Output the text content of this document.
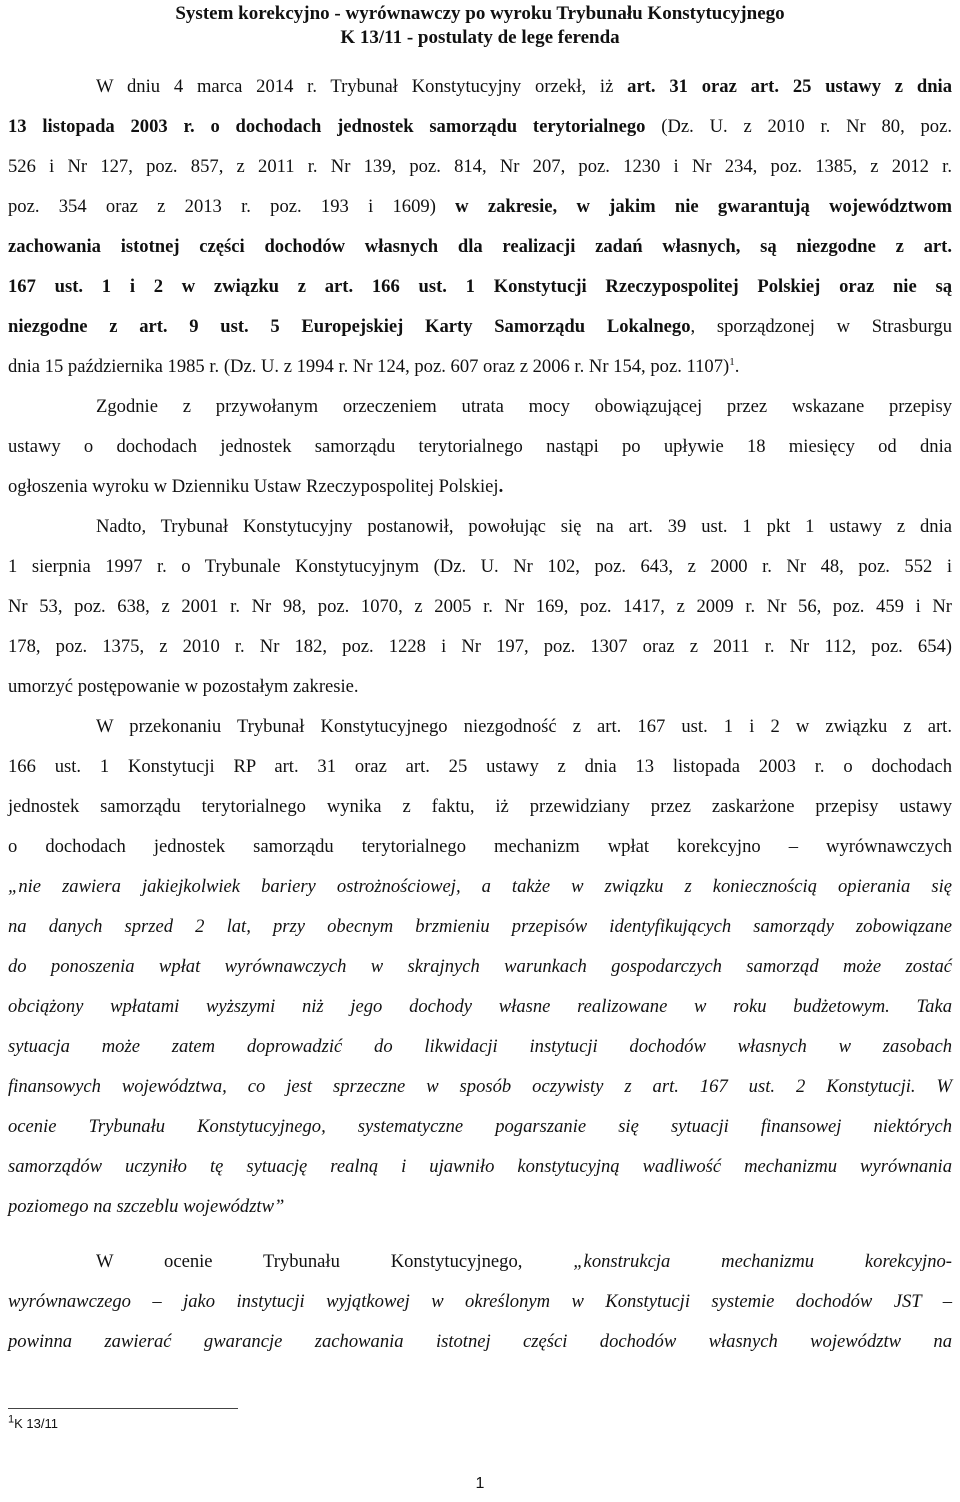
System korekcyjno - wyrównawczy po wyroku Trybunału Konstytucyjnego
K 13/11 - postulaty de lege ferenda
W dniu 4 marca 2014 r. Trybunał Konstytucyjny orzekł, iż art. 31 oraz art. 25 ustawy z dnia
13 listopada 2003 r. o dochodach jednostek samorządu terytorialnego (Dz. U. z 2010 r. Nr 80, poz.
526 i Nr 127, poz. 857, z 2011 r. Nr 139, poz. 814, Nr 207, poz. 1230 i Nr 234, poz. 1385, z 2012 r.
poz. 354 oraz z 2013 r. poz. 193 i 1609) w zakresie, w jakim nie gwarantują województwom
zachowania istotnej części dochodów własnych dla realizacji zadań własnych, są niezgodne z art.
167 ust. 1 i 2 w związku z art. 166 ust. 1 Konstytucji Rzeczypospolitej Polskiej oraz nie są
niezgodne z art. 9 ust. 5 Europejskiej Karty Samorządu Lokalnego, sporządzonej w Strasburgu
dnia 15 października 1985 r. (Dz. U. z 1994 r. Nr 124, poz. 607 oraz z 2006 r. Nr 154, poz. 1107)$^1$.
Zgodnie z przywołanym orzeczeniem utrata mocy obowiązującej przez wskazane przepisy
ustawy o dochodach jednostek samorządu terytorialnego nastąpi po upływie 18 miesięcy od dnia
ogłoszenia wyroku w Dzienniku Ustaw Rzeczypospolitej Polskiej.
Nadto, Trybunał Konstytucyjny postanowił, powołując się na art. 39 ust. 1 pkt 1 ustawy z dnia
1 sierpnia 1997 r. o Trybunale Konstytucyjnym (Dz. U. Nr 102, poz. 643, z 2000 r. Nr 48, poz. 552 i
Nr 53, poz. 638, z 2001 r. Nr 98, poz. 1070, z 2005 r. Nr 169, poz. 1417, z 2009 r. Nr 56, poz. 459 i Nr
178, poz. 1375, z 2010 r. Nr 182, poz. 1228 i Nr 197, poz. 1307 oraz z 2011 r. Nr 112, poz. 654)
umorzyć postępowanie w pozostałym zakresie.
W przekonaniu Trybunał Konstytucyjnego niezgodność z art. 167 ust. 1 i 2 w związku z art.
166 ust. 1 Konstytucji RP art. 31 oraz art. 25 ustawy z dnia 13 listopada 2003 r. o dochodach
jednostek samorządu terytorialnego wynika z faktu, iż przewidziany przez zaskarżone przepisy ustawy
o dochodach jednostek samorządu terytorialnego mechanizm wpłat korekcyjno – wyrównawczych
„nie zawiera jakiejkolwiek bariery ostrożnościowej, a także w związku z koniecznością opierania się
na danych sprzed 2 lat, przy obecnym brzmieniu przepisów identyfikujących samorządy zobowiązane
do ponoszenia wpłat wyrównawczych w skrajnych warunkach gospodarczych samorząd może zostać
obciążony wpłatami wyższymi niż jego dochody własne realizowane w roku budżetowym. Taka
sytuacja może zatem doprowadzić do likwidacji instytucji dochodów własnych w zasobach
finansowych województwa, co jest sprzeczne w sposób oczywisty z art. 167 ust. 2 Konstytucji. W
ocenie Trybunału Konstytucyjnego, systematyczne pogarszanie się sytuacji finansowej niektórych
samorządów uczyniło tę sytuację realną i ujawniło konstytucyjną wadliwość mechanizmu wyrównania
poziomego na szczeblu województw”
W ocenie Trybunału Konstytucyjnego, „konstrukcja mechanizmu korekcyjno-
wyrównawczego – jako instytucji wyjątkowej w określonym w Konstytucji systemie dochodów JST –
powinna zawierać gwarancje zachowania istotnej części dochodów własnych województw na
$^1$K 13/11
1
